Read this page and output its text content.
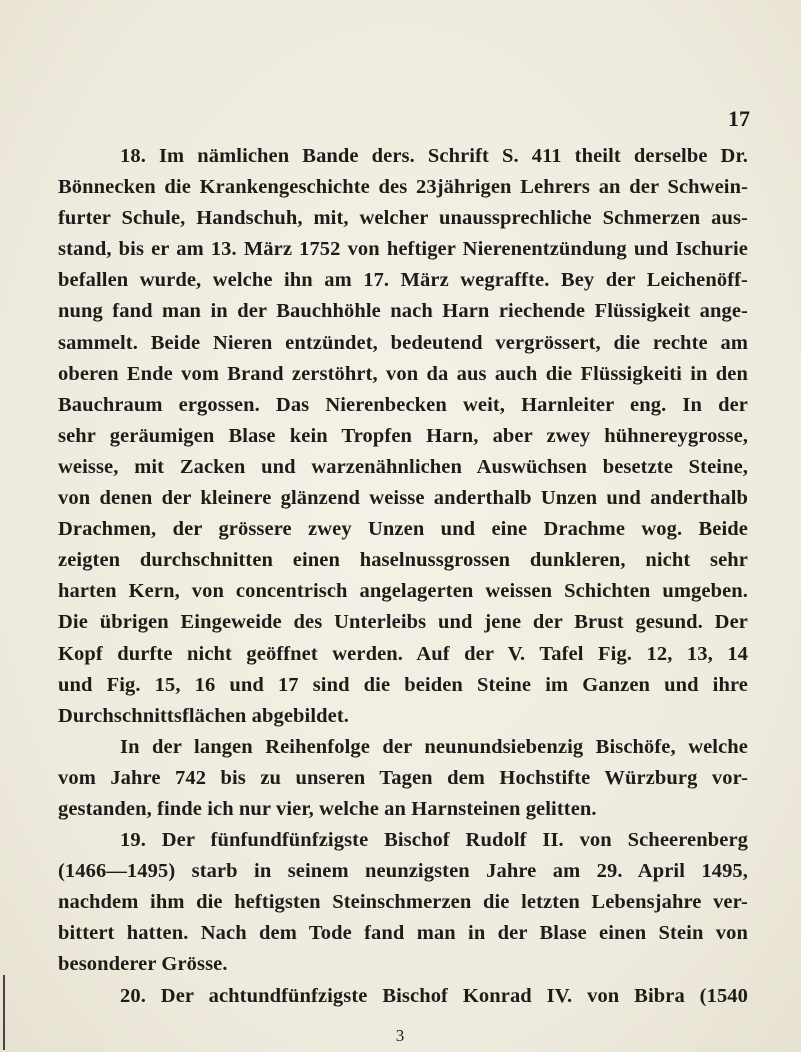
17
18. Im nämlichen Bande ders. Schrift S. 411 theilt derselbe Dr.
Bönnecken die Krankengeschichte des 23jährigen Lehrers an der Schwein-
furter Schule, Handschuh, mit, welcher unaussprechliche Schmerzen aus-
stand, bis er am 13. März 1752 von heftiger Nierenentzündung und Ischurie
befallen wurde, welche ihn am 17. März wegraffte. Bey der Leichenöff-
nung fand man in der Bauchhöhle nach Harn riechende Flüssigkeit ange-
sammelt. Beide Nieren entzündet, bedeutend vergrössert, die rechte am
oberen Ende vom Brand zerstöhrt, von da aus auch die Flüssigkeiti in den
Bauchraum ergossen. Das Nierenbecken weit, Harnleiter eng. In der
sehr geräumigen Blase kein Tropfen Harn, aber zwey hühnereygrosse,
weisse, mit Zacken und warzenähnlichen Auswüchsen besetzte Steine,
von denen der kleinere glänzend weisse anderthalb Unzen und anderthalb
Drachmen, der grössere zwey Unzen und eine Drachme wog. Beide
zeigten durchschnitten einen haselnussgrossen dunkleren, nicht sehr
harten Kern, von concentrisch angelagerten weissen Schichten umgeben.
Die übrigen Eingeweide des Unterleibs und jene der Brust gesund. Der
Kopf durfte nicht geöffnet werden. Auf der V. Tafel Fig. 12, 13, 14
und Fig. 15, 16 und 17 sind die beiden Steine im Ganzen und ihre
Durchschnittsflächen abgebildet.
In der langen Reihenfolge der neunundsiebenzig Bischöfe, welche
vom Jahre 742 bis zu unseren Tagen dem Hochstifte Würzburg vor-
gestanden, finde ich nur vier, welche an Harnsteinen gelitten.
19. Der fünfundfünfzigste Bischof Rudolf II. von Scheerenberg
(1466—1495) starb in seinem neunzigsten Jahre am 29. April 1495,
nachdem ihm die heftigsten Steinschmerzen die letzten Lebensjahre ver-
bittert hatten. Nach dem Tode fand man in der Blase einen Stein von
besonderer Grösse.
20. Der achtundfünfzigste Bischof Konrad IV. von Bibra (1540
3
